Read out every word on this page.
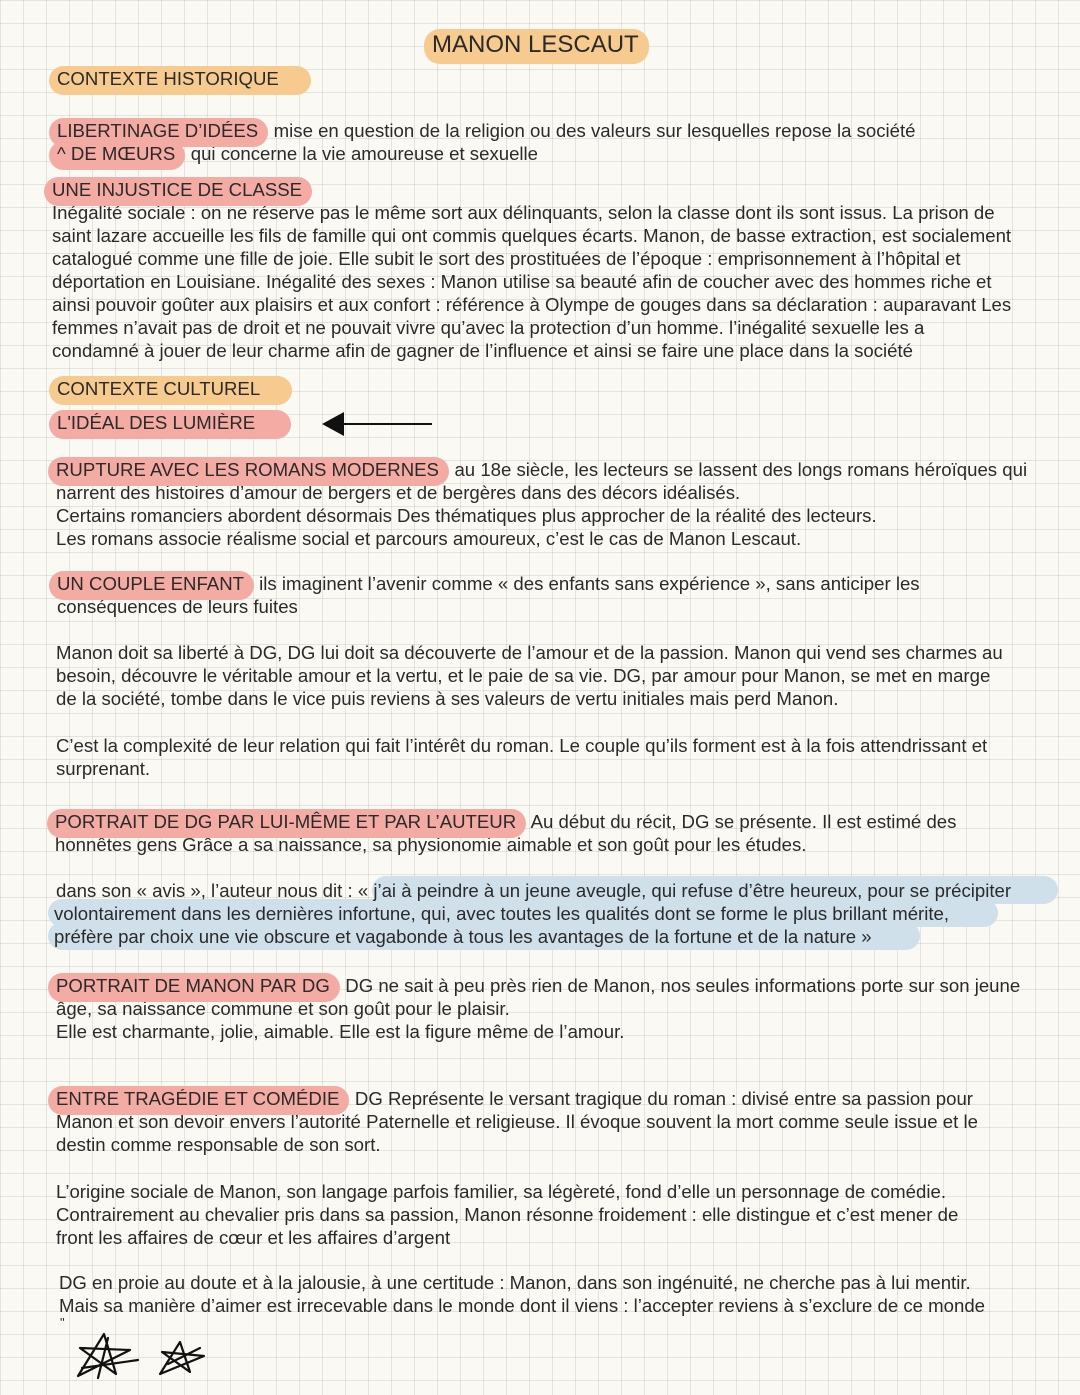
MANON LESCAUT
CONTEXTE HISTORIQUE
LIBERTINAGE D’IDÉES : mise en question de la religion ou des valeurs sur lesquelles repose la société
^ DE MŒURS : qui concerne la vie amoureuse et sexuelle
UNE INJUSTICE DE CLASSE :
Inégalité sociale : on ne réserve pas le même sort aux délinquants, selon la classe dont ils sont issus. La prison de
saint lazare accueille les fils de famille qui ont commis quelques écarts. Manon, de basse extraction, est socialement
catalogué comme une fille de joie. Elle subit le sort des prostituées de l’époque : emprisonnement à l’hôpital et
déportation en Louisiane. Inégalité des sexes : Manon utilise sa beauté afin de coucher avec des hommes riche et
ainsi pouvoir goûter aux plaisirs et aux confort : référence à Olympe de gouges dans sa déclaration : auparavant Les
femmes n’avait pas de droit et ne pouvait vivre qu’avec la protection d’un homme. l’inégalité sexuelle les a
condamné à jouer de leur charme afin de gagner de l’influence et ainsi se faire une place dans la société
CONTEXTE CULTUREL
L'IDÉAL DES LUMIÈRE
RUPTURE AVEC LES ROMANS MODERNES : au 18e siècle, les lecteurs se lassent des longs romans héroïques qui
narrent des histoires d’amour de bergers et de bergères dans des décors idéalisés.
Certains romanciers abordent désormais Des thématiques plus approcher de la réalité des lecteurs.
Les romans associe réalisme social et parcours amoureux, c’est le cas de Manon Lescaut.
UN COUPLE ENFANT : ils imaginent l’avenir comme « des enfants sans expérience », sans anticiper les
conséquences de leurs fuites
Manon doit sa liberté à DG, DG lui doit sa découverte de l’amour et de la passion. Manon qui vend ses charmes au
besoin, découvre le véritable amour et la vertu, et le paie de sa vie. DG, par amour pour Manon, se met en marge
de la société, tombe dans le vice puis reviens à ses valeurs de vertu initiales mais perd Manon.
C’est la complexité de leur relation qui fait l’intérêt du roman. Le couple qu’ils forment est à la fois attendrissant et
surprenant.
PORTRAIT DE DG PAR LUI-MÊME ET PAR L’AUTEUR : Au début du récit, DG se présente. Il est estimé des
honnêtes gens Grâce a sa naissance, sa physionomie aimable et son goût pour les études.
dans son « avis », l’auteur nous dit : « j’ai à peindre à un jeune aveugle, qui refuse d’être heureux, pour se précipiter
volontairement dans les dernières infortune, qui, avec toutes les qualités dont se forme le plus brillant mérite,
préfère par choix une vie obscure et vagabonde à tous les avantages de la fortune et de la nature »
PORTRAIT DE MANON PAR DG : DG ne sait à peu près rien de Manon, nos seules informations porte sur son jeune
âge, sa naissance commune et son goût pour le plaisir.
Elle est charmante, jolie, aimable. Elle est la figure même de l’amour.
ENTRE TRAGÉDIE ET COMÉDIE : DG Représente le versant tragique du roman : divisé entre sa passion pour
Manon et son devoir envers l’autorité Paternelle et religieuse. Il évoque souvent la mort comme seule issue et le
destin comme responsable de son sort.
L’origine sociale de Manon, son langage parfois familier, sa légèreté, fond d’elle un personnage de comédie.
Contrairement au chevalier pris dans sa passion, Manon résonne froidement : elle distingue et c’est mener de
front les affaires de cœur et les affaires d’argent
DG en proie au doute et à la jalousie, à une certitude : Manon, dans son ingénuité, ne cherche pas à lui mentir.
Mais sa manière d’aimer est irrecevable dans le monde dont il viens : l’accepter reviens à s’exclure de ce monde
"
